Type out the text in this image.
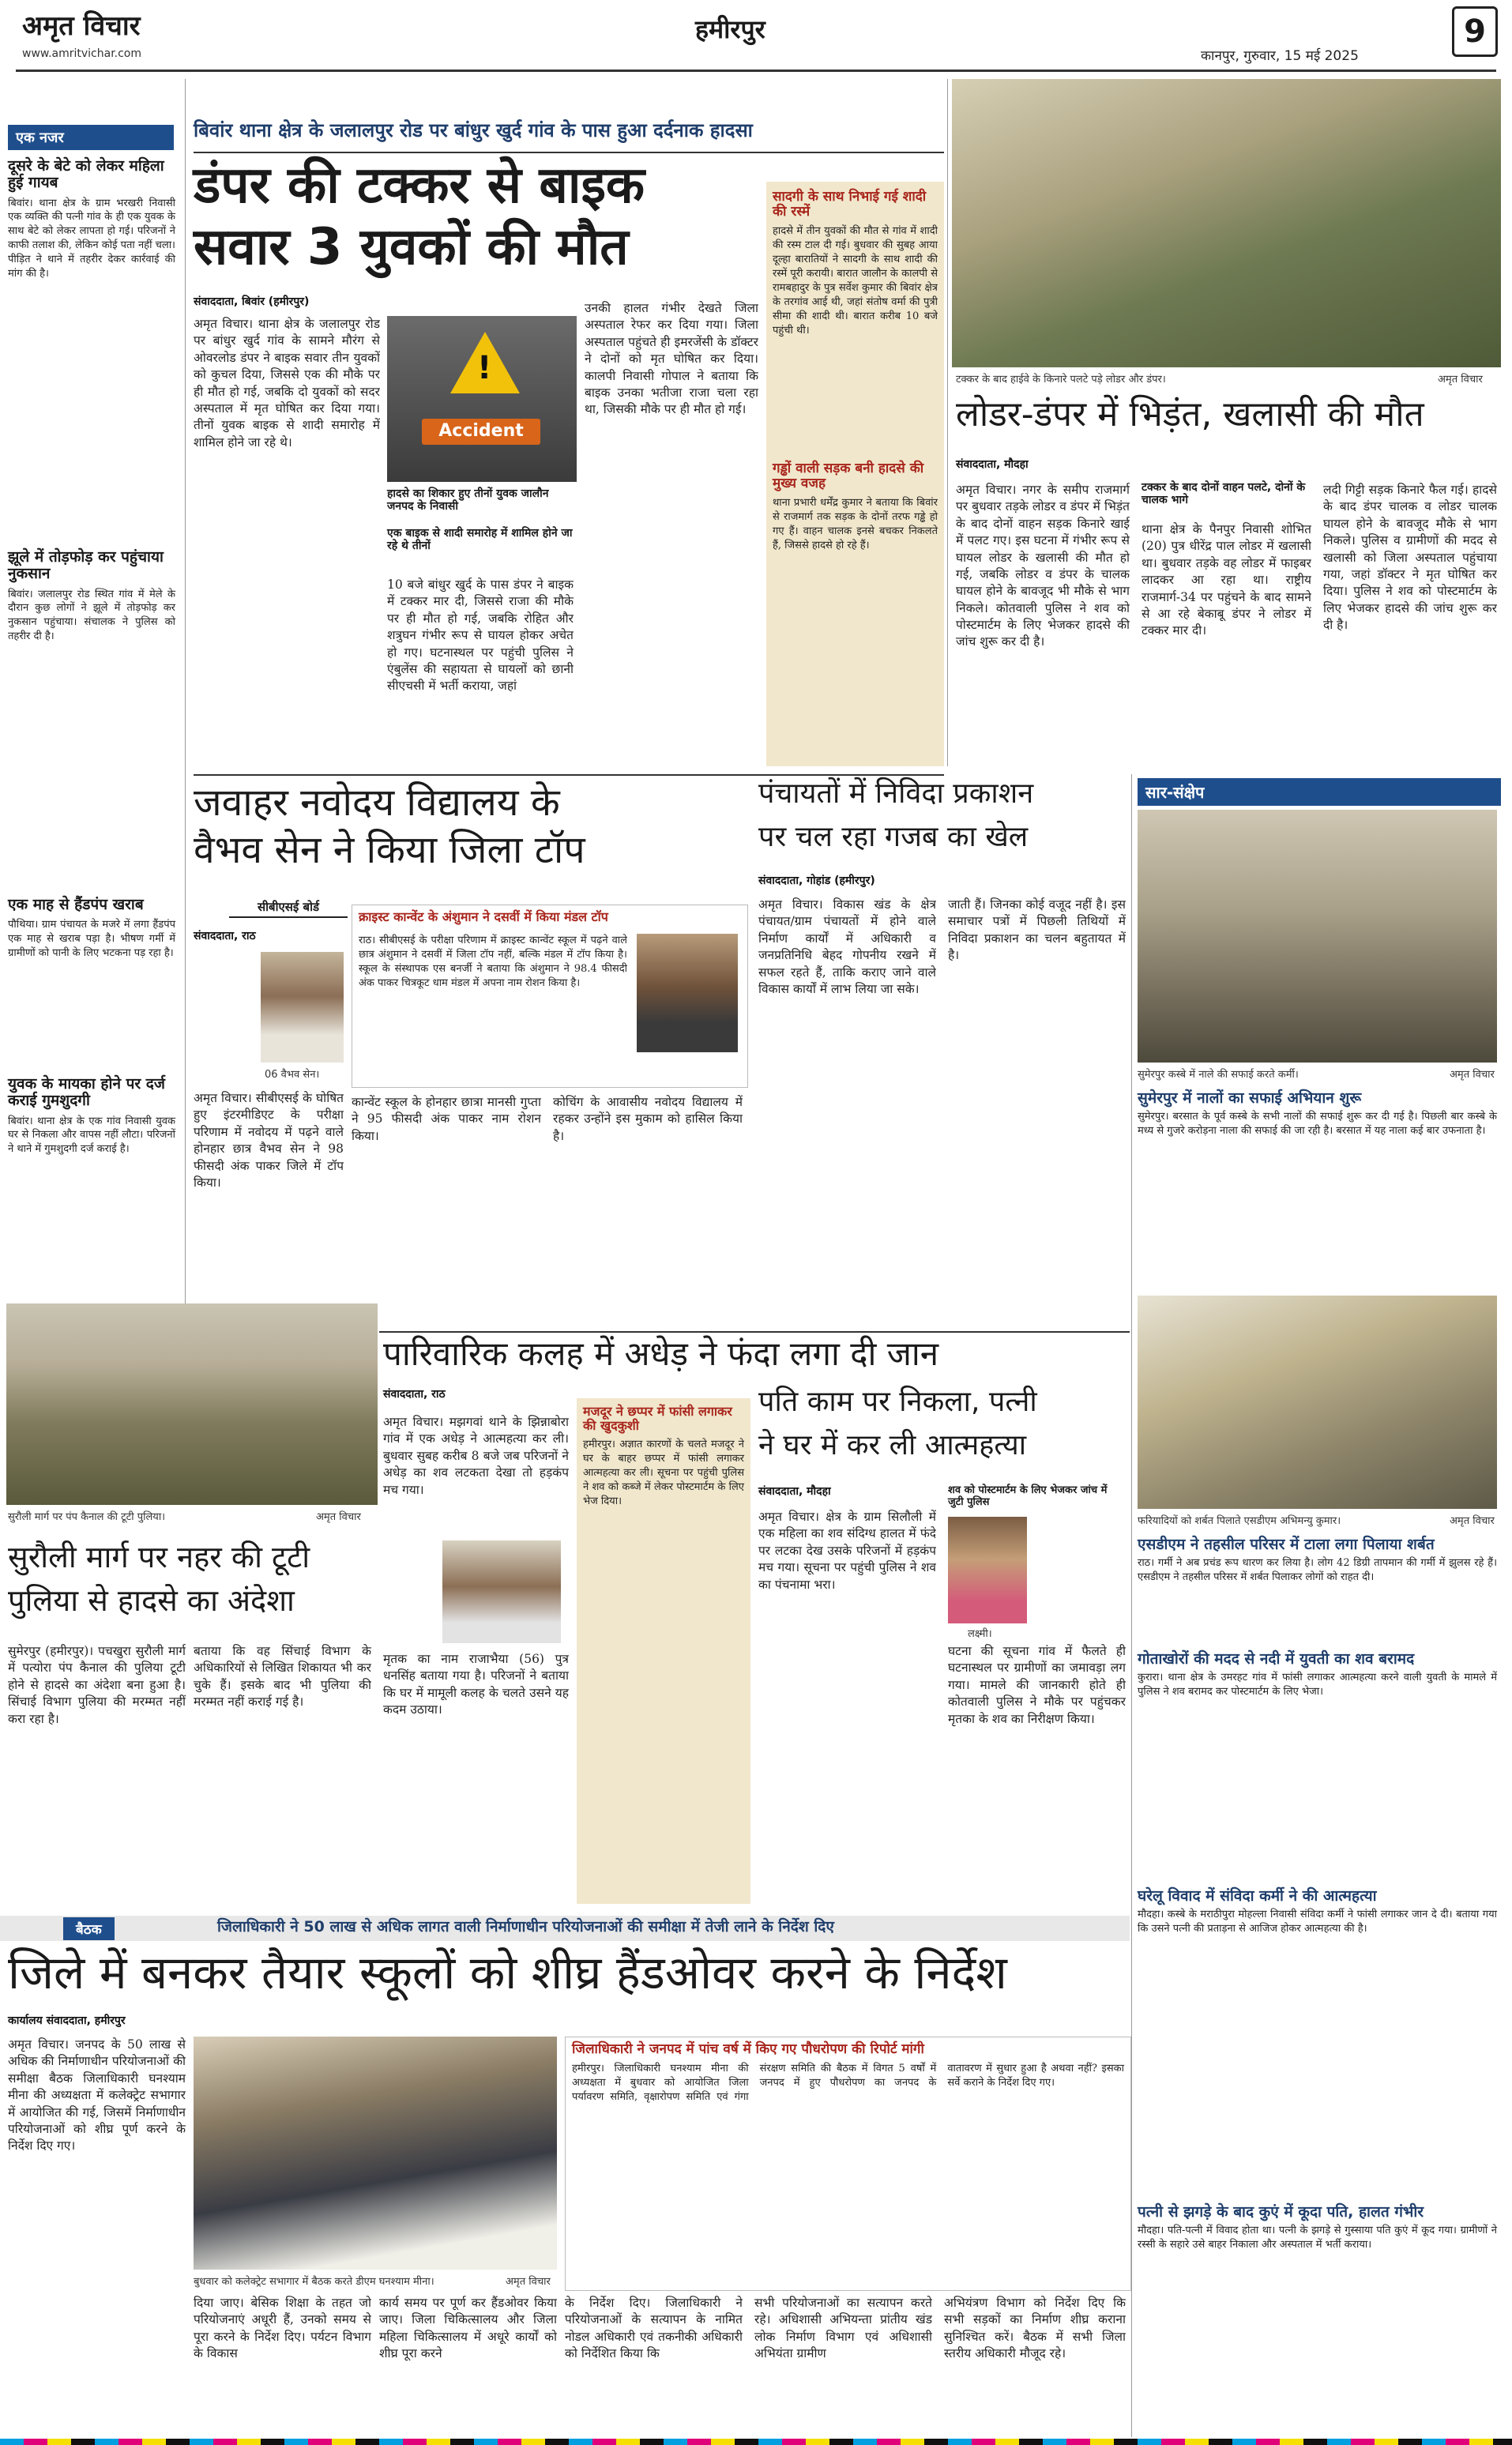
अमृत विचार
www.amritvichar.com
हमीरपुर
कानपुर, गुरुवार, 15 मई 2025
9
एक नजर
दूसरे के बेटे को लेकर महिला हुई गायब
बिवांर। थाना क्षेत्र के ग्राम भरखरी निवासी एक व्यक्ति की पत्नी गांव के ही एक युवक के साथ बेटे को लेकर लापता हो गई। परिजनों ने काफी तलाश की, लेकिन कोई पता नहीं चला। पीड़ित ने थाने में तहरीर देकर कार्रवाई की मांग की है।
झूले में तोड़फोड़ कर पहुंचाया नुकसान
बिवांर। जलालपुर रोड स्थित गांव में मेले के दौरान कुछ लोगों ने झूले में तोड़फोड़ कर नुकसान पहुंचाया। संचालक ने पुलिस को तहरीर दी है।
एक माह से हैंडपंप खराब
पौथिया। ग्राम पंचायत के मजरे में लगा हैंडपंप एक माह से खराब पड़ा है। भीषण गर्मी में ग्रामीणों को पानी के लिए भटकना पड़ रहा है।
युवक के मायका होने पर दर्ज कराई गुमशुदगी
बिवांर। थाना क्षेत्र के एक गांव निवासी युवक घर से निकला और वापस नहीं लौटा। परिजनों ने थाने में गुमशुदगी दर्ज कराई है।
सुरौली मार्ग पर पंप कैनाल की टूटी पुलिया।	अमृत विचार
बिवांर थाना क्षेत्र के जलालपुर रोड पर बांधुर खुर्द गांव के पास हुआ दर्दनाक हादसा
डंपर की टक्कर से बाइक
सवार 3 युवकों की मौत
संवाददाता, बिवांर (हमीरपुर)
अमृत विचार। थाना क्षेत्र के जलालपुर रोड पर बांधुर खुर्द गांव के सामने मौरंग से ओवरलोड डंपर ने बाइक सवार तीन युवकों को कुचल दिया, जिससे एक की मौके पर ही मौत हो गई, जबकि दो युवकों को सदर अस्पताल में मृत घोषित कर दिया गया। तीनों युवक बाइक से शादी समारोह में शामिल होने जा रहे थे।
!
Accident
हादसे का शिकार हुए तीनों युवक जालौन जनपद के निवासी
एक बाइक से शादी समारोह में शामिल होने जा रहे थे तीनों
10 बजे बांधुर खुर्द के पास डंपर ने बाइक में टक्कर मार दी, जिससे राजा की मौके पर ही मौत हो गई, जबकि रोहित और शत्रुघन गंभीर रूप से घायल होकर अचेत हो गए। घटनास्थल पर पहुंची पुलिस ने एंबुलेंस की सहायता से घायलों को छानी सीएचसी में भर्ती कराया, जहां
उनकी हालत गंभीर देखते जिला अस्पताल रेफर कर दिया गया। जिला अस्पताल पहुंचते ही इमरजेंसी के डॉक्टर ने दोनों को मृत घोषित कर दिया। कालपी निवासी गोपाल ने बताया कि बाइक उनका भतीजा राजा चला रहा था, जिसकी मौके पर ही मौत हो गई।
सादगी के साथ निभाई गई शादी की रस्में
हादसे में तीन युवकों की मौत से गांव में शादी की रस्म टाल दी गई। बुधवार की सुबह आया दूल्हा बारातियों ने सादगी के साथ शादी की रस्में पूरी करायी। बारात जालौन के कालपी से रामबहादुर के पुत्र सर्वेश कुमार की बिवांर क्षेत्र के तरगांव आई थी, जहां संतोष वर्मा की पुत्री सीमा की शादी थी। बारात करीब 10 बजे पहुंची थी।
गड्ढों वाली सड़क बनी हादसे की मुख्य वजह
थाना प्रभारी धर्मेंद्र कुमार ने बताया कि बिवांर से राजमार्ग तक सड़क के दोनों तरफ गड्ढे हो गए हैं। वाहन चालक इनसे बचकर निकलते हैं, जिससे हादसे हो रहे हैं।
टक्कर के बाद हाईवे के किनारे पलटे पड़े लोडर और डंपर।	अमृत विचार
लोडर-डंपर में भिड़ंत, खलासी की मौत
संवाददाता, मौदहा
अमृत विचार। नगर के समीप राजमार्ग पर बुधवार तड़के लोडर व डंपर में भिड़ंत के बाद दोनों वाहन सड़क किनारे खाई में पलट गए। इस घटना में गंभीर रूप से घायल लोडर के खलासी की मौत हो गई, जबकि लोडर व डंपर के चालक घायल होने के बावजूद भी मौके से भाग निकले। कोतवाली पुलिस ने शव को पोस्टमार्टम के लिए भेजकर हादसे की जांच शुरू कर दी है।
टक्कर के बाद दोनों वाहन पलटे, दोनों के चालक भागे
थाना क्षेत्र के पैनपुर निवासी शोभित (20) पुत्र धीरेंद्र पाल लोडर में खलासी था। बुधवार तड़के वह लोडर में फाइबर लादकर आ रहा था। राष्ट्रीय राजमार्ग-34 पर पहुंचने के बाद सामने से आ रहे बेकाबू डंपर ने लोडर में टक्कर मार दी।
लदी गिट्टी सड़क किनारे फैल गई। हादसे के बाद डंपर चालक व लोडर चालक घायल होने के बावजूद मौके से भाग निकले। पुलिस व ग्रामीणों की मदद से खलासी को जिला अस्पताल पहुंचाया गया, जहां डॉक्टर ने मृत घोषित कर दिया। पुलिस ने शव को पोस्टमार्टम के लिए भेजकर हादसे की जांच शुरू कर दी है।
जवाहर नवोदय विद्यालय के
वैभव सेन ने किया जिला टॉप
सीबीएसई बोर्ड
संवाददाता, राठ
06 वैभव सेन।
अमृत विचार। सीबीएसई के घोषित हुए इंटरमीडिएट के परीक्षा परिणाम में नवोदय में पढ़ने वाले होनहार छात्र वैभव सेन ने 98 फीसदी अंक पाकर जिले में टॉप किया।
क्राइस्ट कान्वेंट के अंशुमान ने दसवीं में किया मंडल टॉप
राठ। सीबीएसई के परीक्षा परिणाम में क्राइस्ट कान्वेंट स्कूल में पढ़ने वाले छात्र अंशुमान ने दसवीं में जिला टॉप नहीं, बल्कि मंडल में टॉप किया है। स्कूल के संस्थापक एस बनर्जी ने बताया कि अंशुमान ने 98.4 फीसदी अंक पाकर चित्रकूट धाम मंडल में अपना नाम रोशन किया है।
कान्वेंट स्कूल के होनहार छात्रा मानसी गुप्ता ने 95 फीसदी अंक पाकर नाम रोशन किया।
कोचिंग के आवासीय नवोदय विद्यालय में रहकर उन्होंने इस मुकाम को हासिल किया है।
पंचायतों में निविदा प्रकाशन
पर चल रहा गजब का खेल
संवाददाता, गोहांड (हमीरपुर)
अमृत विचार। विकास खंड के क्षेत्र पंचायत/ग्राम पंचायतों में होने वाले निर्माण कार्यों में अधिकारी व जनप्रतिनिधि बेहद गोपनीय रखने में सफल रहते हैं, ताकि कराए जाने वाले विकास कार्यों में लाभ लिया जा सके।
जाती हैं। जिनका कोई वजूद नहीं है। इस समाचार पत्रों में पिछली तिथियों में निविदा प्रकाशन का चलन बहुतायत में है।
सार-संक्षेप
सुमेरपुर कस्बे में नाले की सफाई करते कर्मी।	अमृत विचार
सुमेरपुर में नालों का सफाई अभियान शुरू
सुमेरपुर। बरसात के पूर्व कस्बे के सभी नालों की सफाई शुरू कर दी गई है। पिछली बार कस्बे के मध्य से गुजरे करोड़ना नाला की सफाई की जा रही है। बरसात में यह नाला कई बार उफनाता है।
फरियादियों को शर्बत पिलाते एसडीएम अभिमन्यु कुमार।	अमृत विचार
एसडीएम ने तहसील परिसर में टाला लगा पिलाया शर्बत
राठ। गर्मी ने अब प्रचंड रूप धारण कर लिया है। लोग 42 डिग्री तापमान की गर्मी में झुलस रहे हैं। एसडीएम ने तहसील परिसर में शर्बत पिलाकर लोगों को राहत दी।
गोताखोरों की मदद से नदी में युवती का शव बरामद
कुरारा। थाना क्षेत्र के उमरहट गांव में फांसी लगाकर आत्महत्या करने वाली युवती के मामले में पुलिस ने शव बरामद कर पोस्टमार्टम के लिए भेजा।
घरेलू विवाद में संविदा कर्मी ने की आत्महत्या
मौदहा। कस्बे के मराठीपुरा मोहल्ला निवासी संविदा कर्मी ने फांसी लगाकर जान दे दी। बताया गया कि उसने पत्नी की प्रताड़ना से आजिज होकर आत्महत्या की है।
पत्नी से झगड़े के बाद कुएं में कूदा पति, हालत गंभीर
मौदहा। पति-पत्नी में विवाद होता था। पत्नी के झगड़े से गुस्साया पति कुएं में कूद गया। ग्रामीणों ने रस्सी के सहारे उसे बाहर निकाला और अस्पताल में भर्ती कराया।
पारिवारिक कलह में अधेड़ ने फंदा लगा दी जान
संवाददाता, राठ
अमृत विचार। मझगवां थाने के झिन्नाबोरा गांव में एक अधेड़ ने आत्महत्या कर ली। बुधवार सुबह करीब 8 बजे जब परिजनों ने अधेड़ का शव लटकता देखा तो हड़कंप मच गया।
मृतक का नाम राजाभैया (56) पुत्र धनसिंह बताया गया है। परिजनों ने बताया कि घर में मामूली कलह के चलते उसने यह कदम उठाया।
मजदूर ने छप्पर में फांसी लगाकर की खुदकुशी
हमीरपुर। अज्ञात कारणों के चलते मजदूर ने घर के बाहर छप्पर में फांसी लगाकर आत्महत्या कर ली। सूचना पर पहुंची पुलिस ने शव को कब्जे में लेकर पोस्टमार्टम के लिए भेज दिया।
पति काम पर निकला, पत्नी
ने घर में कर ली आत्महत्या
संवाददाता, मौदहा	शव को पोस्टमार्टम के लिए भेजकर जांच में जुटी पुलिस
अमृत विचार। क्षेत्र के ग्राम सिलौली में एक महिला का शव संदिग्ध हालत में फंदे पर लटका देख उसके परिजनों में हड़कंप मच गया। सूचना पर पहुंची पुलिस ने शव का पंचनामा भरा।
लक्ष्मी।
घटना की सूचना गांव में फैलते ही घटनास्थल पर ग्रामीणों का जमावड़ा लग गया। मामले की जानकारी होते ही कोतवाली पुलिस ने मौके पर पहुंचकर मृतका के शव का निरीक्षण किया।
सुरौली मार्ग पर नहर की टूटी
पुलिया से हादसे का अंदेशा
सुमेरपुर (हमीरपुर)। पचखुरा सुरौली मार्ग में पत्योरा पंप कैनाल की पुलिया टूटी होने से हादसे का अंदेशा बना हुआ है। सिंचाई विभाग पुलिया की मरम्मत नहीं करा रहा है।
बताया कि वह सिंचाई विभाग के अधिकारियों से लिखित शिकायत भी कर चुके हैं। इसके बाद भी पुलिया की मरम्मत नहीं कराई गई है।
बैठक	जिलाधिकारी ने 50 लाख से अधिक लागत वाली निर्माणाधीन परियोजनाओं की समीक्षा में तेजी लाने के निर्देश दिए
जिले में बनकर तैयार स्कूलों को शीघ्र हैंडओवर करने के निर्देश
कार्यालय संवाददाता, हमीरपुर
अमृत विचार। जनपद के 50 लाख से अधिक की निर्माणाधीन परियोजनाओं की समीक्षा बैठक जिलाधिकारी घनश्याम मीना की अध्यक्षता में कलेक्ट्रेट सभागार में आयोजित की गई, जिसमें निर्माणाधीन परियोजनाओं को शीघ्र पूर्ण करने के निर्देश दिए गए।
बुधवार को कलेक्ट्रेट सभागार में बैठक करते डीएम घनश्याम मीना।	अमृत विचार
दिया जाए। बेसिक शिक्षा के तहत जो परियोजनाएं अधूरी हैं, उनको समय से पूरा करने के निर्देश दिए। पर्यटन विभाग के विकास
कार्य समय पर पूर्ण कर हैंडओवर किया जाए। जिला चिकित्सालय और जिला महिला चिकित्सालय में अधूरे कार्यों को शीघ्र पूरा करने
जिलाधिकारी ने जनपद में पांच वर्ष में किए गए पौधरोपण की रिपोर्ट मांगी
हमीरपुर। जिलाधिकारी घनश्याम मीना की अध्यक्षता में बुधवार को आयोजित जिला पर्यावरण समिति, वृक्षारोपण समिति एवं गंगा संरक्षण समिति की बैठक में विगत 5 वर्षों में जनपद में हुए पौधरोपण का जनपद के वातावरण में सुधार हुआ है अथवा नहीं? इसका सर्वे कराने के निर्देश दिए गए।
के निर्देश दिए। जिलाधिकारी ने परियोजनाओं के सत्यापन के नामित नोडल अधिकारी एवं तकनीकी अधिकारी को निर्देशित किया कि
सभी परियोजनाओं का सत्यापन करते रहे। अधिशासी अभियन्ता प्रांतीय खंड लोक निर्माण विभाग एवं अधिशासी अभियंता ग्रामीण
अभियंत्रण विभाग को निर्देश दिए कि सभी सड़कों का निर्माण शीघ्र कराना सुनिश्चित करें। बैठक में सभी जिला स्तरीय अधिकारी मौजूद रहे।
